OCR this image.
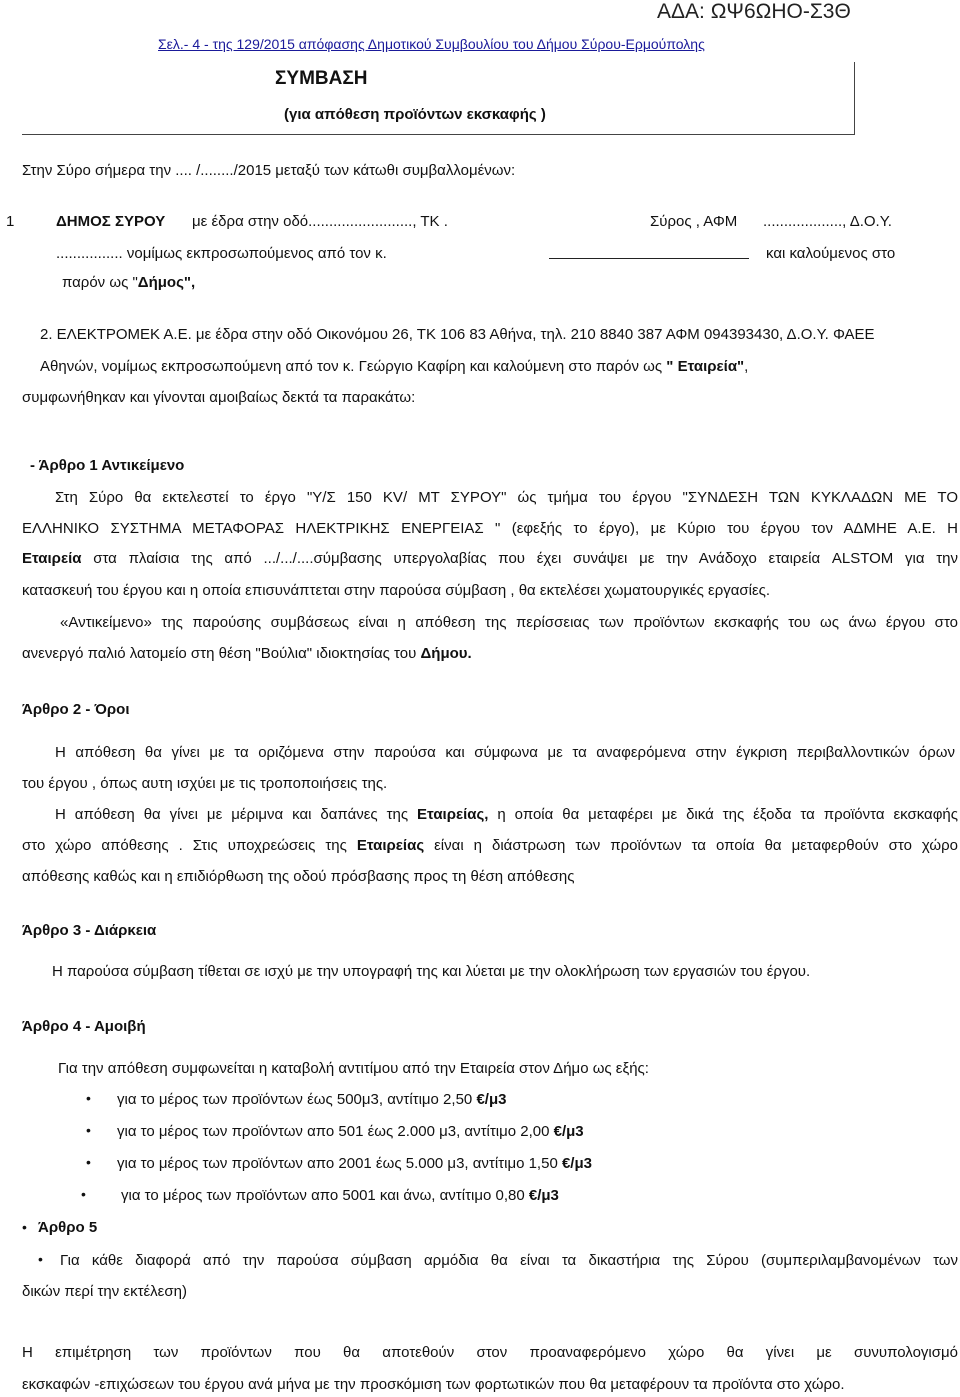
ΑΔΑ: ΩΨ6ΩΗΟ-Σ3Θ
Σελ.- 4 - της 129/2015 απόφασης Δημοτικού Συμβουλίου του Δήμου Σύρου-Ερμούπολης
ΣΥΜΒΑΣΗ
(για απόθεση προϊόντων εκσκαφής )
Στην Σύρο σήμερα την .... /......../2015 μεταξύ των κάτωθι συμβαλλομένων:
1	ΔΗΜΟΣ ΣΥΡΟΥ με έδρα στην οδό........................., ΤΚ .	Σύρος , ΑΦΜ ..................., Δ.Ο.Υ.
................ νομίμως εκπροσωπούμενος από τον κ.	και καλούμενος στο
παρόν ως "Δήμος",
2. ΕΛΕΚΤΡΟΜΕΚ Α.Ε. με έδρα στην οδό Οικονόμου 26, ΤΚ 106 83 Αθήνα, τηλ. 210 8840 387 ΑΦΜ 094393430, Δ.Ο.Υ. ΦΑΕΕ
Αθηνών, νομίμως εκπροσωπούμενη από τον κ. Γεώργιο Καφίρη και καλούμενη στο παρόν ως " Εταιρεία",
συμφωνήθηκαν και γίνονται αμοιβαίως δεκτά τα παρακάτω:
- Άρθρο 1 Αντικείμενο
Στη Σύρο θα εκτελεστεί το έργο "Υ/Σ 150 KV/ MT ΣΥΡΟΥ" ώς τμήμα του έργου "ΣΥΝΔΕΣΗ ΤΩΝ ΚΥΚΛΑΔΩΝ ΜΕ ΤΟ
ΕΛΛΗΝΙΚΟ ΣΥΣΤΗΜΑ ΜΕΤΑΦΟΡΑΣ ΗΛΕΚΤΡΙΚΗΣ ΕΝΕΡΓΕΙΑΣ " (εφεξής το έργο), με Κύριο του έργου τον ΑΔΜΗΕ Α.Ε. Η
Εταιρεία στα πλαίσια της από .../.../....σύμβασης υπεργολαβίας που έχει συνάψει με την Ανάδοχο εταιρεία ALSTOM για την
κατασκευή του έργου και η οποία επισυνάπτεται στην παρούσα σύμβαση , θα εκτελέσει χωματουργικές εργασίες.
«Αντικείμενο» της παρούσης συμβάσεως είναι η απόθεση της περίσσειας των προϊόντων εκσκαφής του ως άνω έργου στο
ανενεργό παλιό λατομείο στη θέση "Βούλια" ιδιοκτησίας του Δήμου.
Άρθρο 2 - Όροι
Η απόθεση θα γίνει με τα οριζόμενα στην παρούσα και σύμφωνα με τα αναφερόμενα στην έγκριση περιβαλλοντικών όρων
του έργου , όπως αυτη ισχύει με τις τροποποιήσεις της.
Η απόθεση θα γίνει με μέριμνα και δαπάνες της Εταιρείας, η οποία θα μεταφέρει με δικά της έξοδα τα προϊόντα εκσκαφής
στο χώρο απόθεσης . Στις υποχρεώσεις της Εταιρείας είναι η διάστρωση των προϊόντων τα οποία θα μεταφερθούν στο χώρο
απόθεσης καθώς και η επιδιόρθωση της οδού πρόσβασης προς τη θέση απόθεσης
Άρθρο 3 - Διάρκεια
Η παρούσα σύμβαση τίθεται σε ισχύ με την υπογραφή της και λύεται με την ολοκλήρωση των εργασιών του έργου.
Άρθρο 4 - Αμοιβή
Για την απόθεση συμφωνείται η καταβολή αντιτίμου από την Εταιρεία στον Δήμο ως εξής:
• για το μέρος των προϊόντων έως 500μ3, αντίτιμο 2,50 €/μ3
• για το μέρος των προϊόντων απο 501 έως 2.000 μ3, αντίτιμο 2,00 €/μ3
• για το μέρος των προϊόντων απο 2001 έως 5.000 μ3, αντίτιμο 1,50 €/μ3
• για το μέρος των προϊόντων απο 5001 και άνω, αντίτιμο 0,80 €/μ3
• Άρθρο 5
• Για κάθε διαφορά από την παρούσα σύμβαση αρμόδια θα είναι τα δικαστήρια της Σύρου (συμπεριλαμβανομένων των
δικών περί την εκτέλεση)
Η επιμέτρηση των προϊόντων που θα αποτεθούν στον προαναφερόμενο χώρο θα γίνει με συνυπολογισμό
εκσκαφών -επιχώσεων του έργου ανά μήνα με την προσκόμιση των φορτωτικών που θα μεταφέρουν τα προϊόντα στο χώρο.
